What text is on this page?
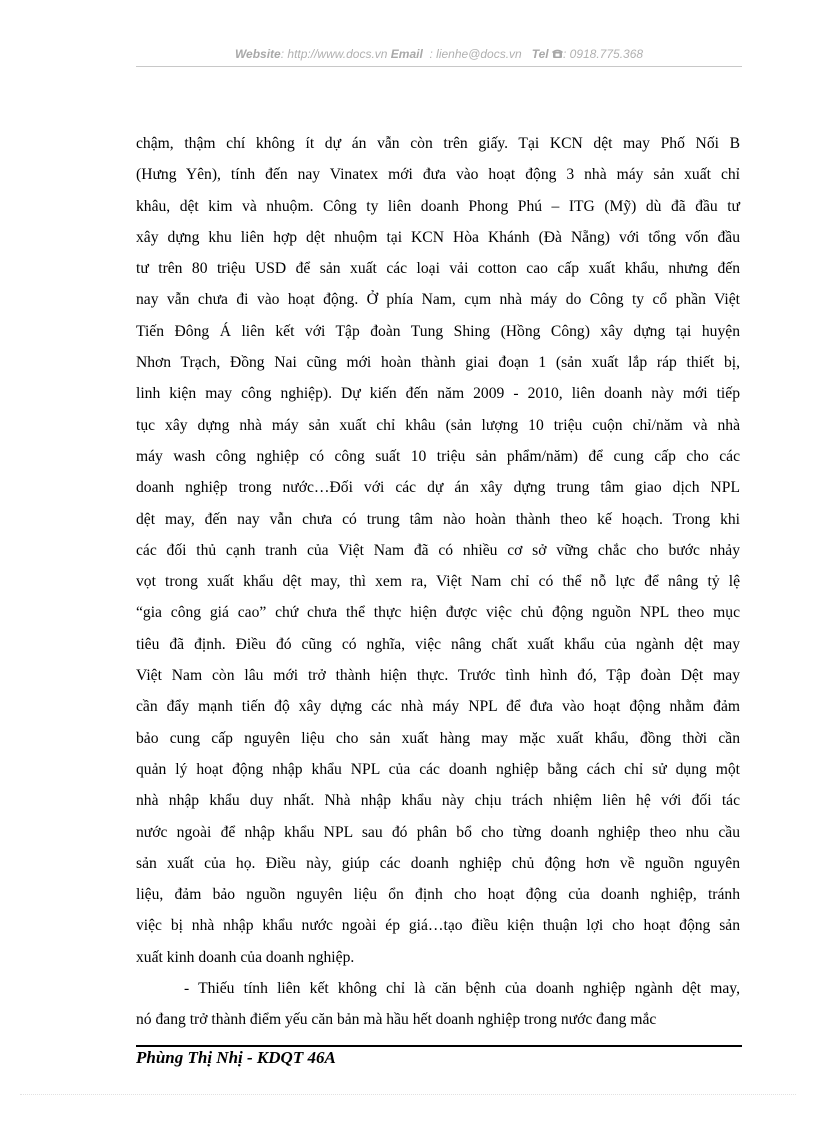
Website: http://www.docs.vn Email : lienhe@docs.vn Tel : 0918.775.368
chậm, thậm chí không ít dự án vẫn còn trên giấy. Tại KCN dệt may Phố Nối B
(Hưng Yên), tính đến nay Vinatex mới đưa vào hoạt động 3 nhà máy sản xuất chỉ
khâu, dệt kim và nhuộm. Công ty liên doanh Phong Phú – ITG (Mỹ) dù đã đầu tư
xây dựng khu liên hợp dệt nhuộm tại KCN Hòa Khánh (Đà Nẵng) với tổng vốn đầu
tư trên 80 triệu USD để sản xuất các loại vải cotton cao cấp xuất khẩu, nhưng đến
nay vẫn chưa đi vào hoạt động. Ở phía Nam, cụm nhà máy do Công ty cổ phần Việt
Tiến Đông Á liên kết với Tập đoàn Tung Shing (Hồng Công) xây dựng tại huyện
Nhơn Trạch, Đồng Nai cũng mới hoàn thành giai đoạn 1 (sản xuất lắp ráp thiết bị,
linh kiện may công nghiệp). Dự kiến đến năm 2009 - 2010, liên doanh này mới tiếp
tục xây dựng nhà máy sản xuất chỉ khâu (sản lượng 10 triệu cuộn chỉ/năm và nhà
máy wash công nghiệp có công suất 10 triệu sản phẩm/năm) để cung cấp cho các
doanh nghiệp trong nước…Đối với các dự án xây dựng trung tâm giao dịch NPL
dệt may, đến nay vẫn chưa có trung tâm nào hoàn thành theo kế hoạch. Trong khi
các đối thủ cạnh tranh của Việt Nam đã có nhiều cơ sở vững chắc cho bước nhảy
vọt trong xuất khẩu dệt may, thì xem ra, Việt Nam chỉ có thể nỗ lực để nâng tỷ lệ
“gia công giá cao” chứ chưa thể thực hiện được việc chủ động nguồn NPL theo mục
tiêu đã định. Điều đó cũng có nghĩa, việc nâng chất xuất khẩu của ngành dệt may
Việt Nam còn lâu mới trở thành hiện thực. Trước tình hình đó, Tập đoàn Dệt may
cần đẩy mạnh tiến độ xây dựng các nhà máy NPL để đưa vào hoạt động nhằm đảm
bảo cung cấp nguyên liệu cho sản xuất hàng may mặc xuất khẩu, đồng thời cần
quản lý hoạt động nhập khẩu NPL của các doanh nghiệp bằng cách chỉ sử dụng một
nhà nhập khẩu duy nhất. Nhà nhập khẩu này chịu trách nhiệm liên hệ với đối tác
nước ngoài để nhập khẩu NPL sau đó phân bổ cho từng doanh nghiệp theo nhu cầu
sản xuất của họ. Điều này, giúp các doanh nghiệp chủ động hơn về nguồn nguyên
liệu, đảm bảo nguồn nguyên liệu ổn định cho hoạt động của doanh nghiệp, tránh
việc bị nhà nhập khẩu nước ngoài ép giá…tạo điều kiện thuận lợi cho hoạt động sản
xuất kinh doanh của doanh nghiệp.
- Thiếu tính liên kết không chỉ là căn bệnh của doanh nghiệp ngành dệt may,
nó đang trở thành điểm yếu căn bản mà hầu hết doanh nghiệp trong nước đang mắc
Phùng Thị Nhị - KDQT 46A
